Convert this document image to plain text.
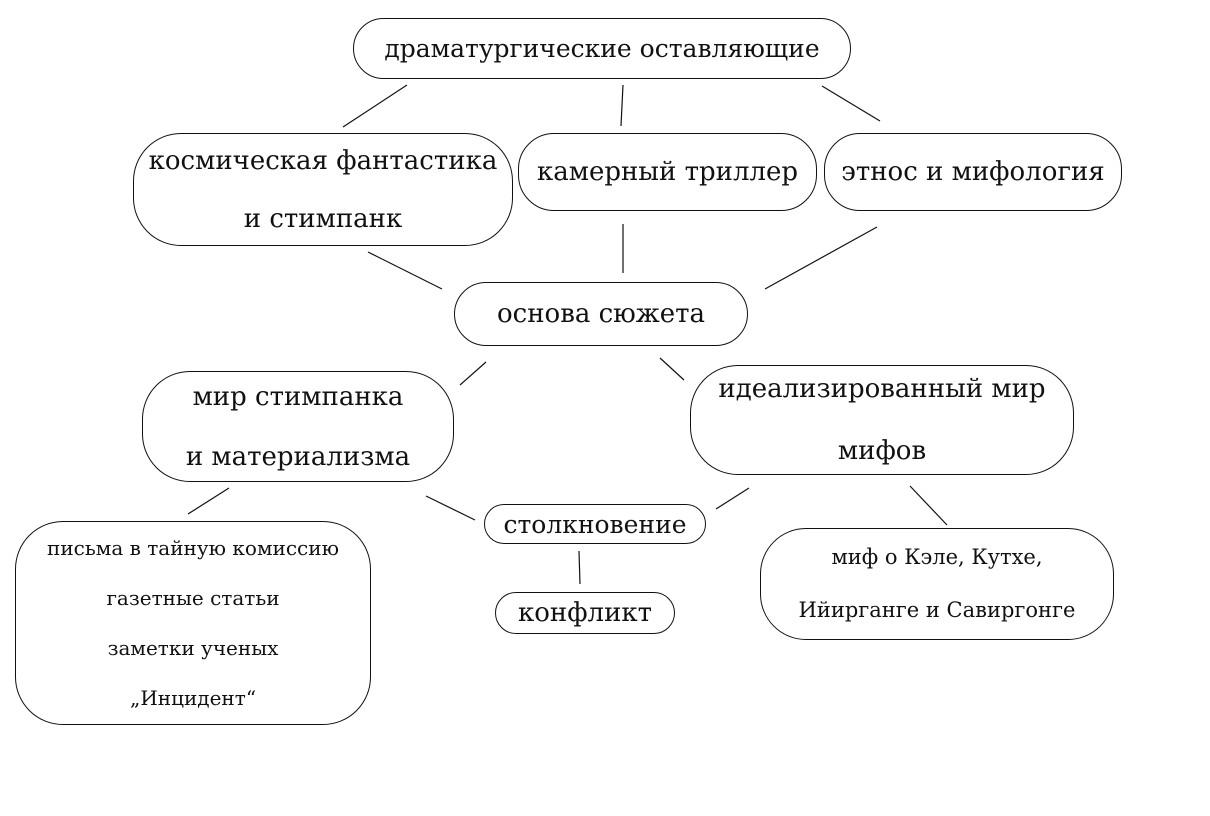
драматургические оставляющие
космическая фантастика
и стимпанк
камерный триллер этнос и мифология
основа сюжета
мир стимпанка
и материализма
идеализированный мир
мифов
письма в тайную комиссию
газетные статьи
заметки ученых
„Инцидент“
столкновение
миф о Кэле, Кутхе,
Ийирганге и Савиргонге
конфликт
